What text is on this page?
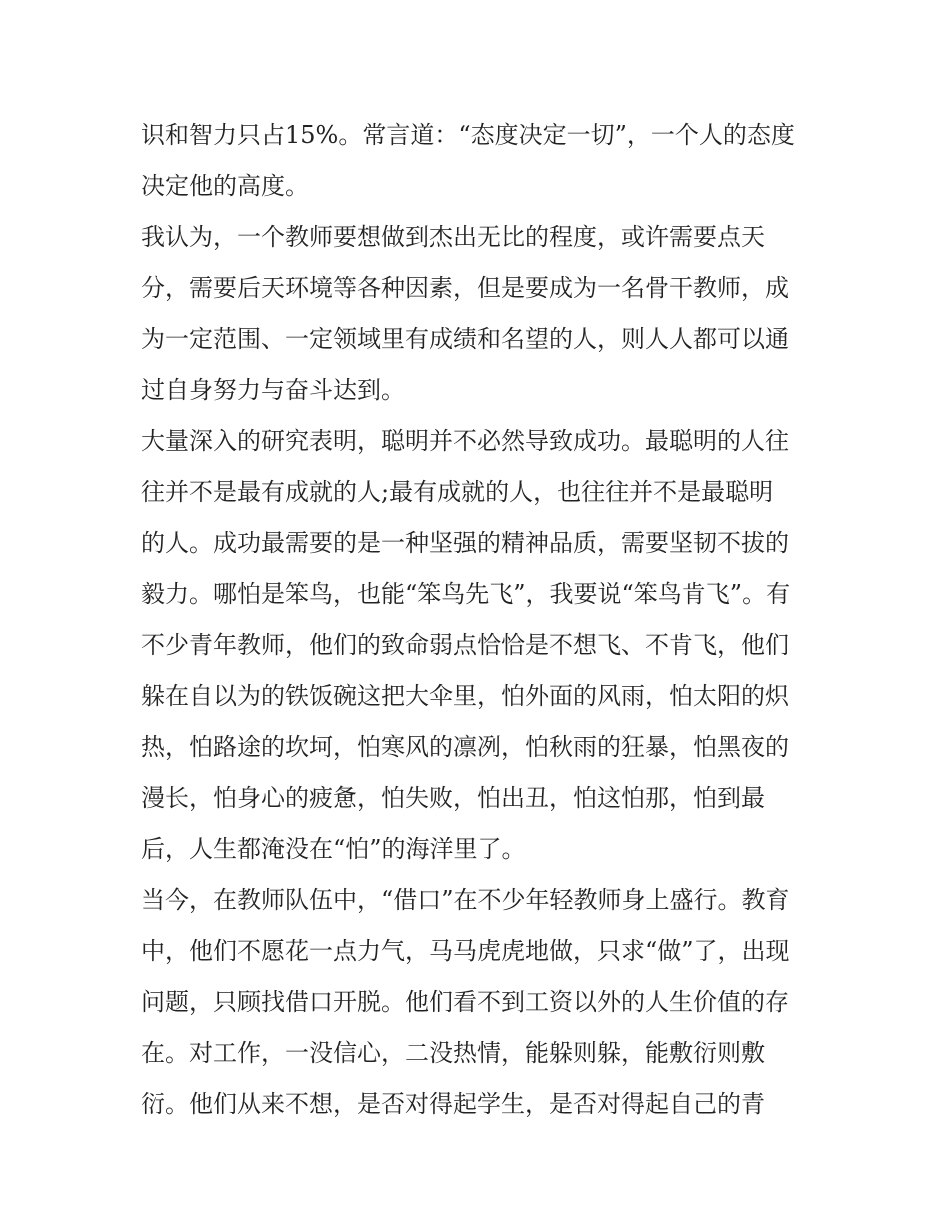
识和智力只占15%。常言道：“态度决定一切”，一个人的态度
决定他的高度。
我认为，一个教师要想做到杰出无比的程度，或许需要点天
分，需要后天环境等各种因素，但是要成为一名骨干教师，成
为一定范围、一定领域里有成绩和名望的人，则人人都可以通
过自身努力与奋斗达到。
大量深入的研究表明，聪明并不必然导致成功。最聪明的人往
往并不是最有成就的人;最有成就的人，也往往并不是最聪明
的人。成功最需要的是一种坚强的精神品质，需要坚韧不拔的
毅力。哪怕是笨鸟，也能“笨鸟先飞”，我要说“笨鸟肯飞”。有
不少青年教师，他们的致命弱点恰恰是不想飞、不肯飞，他们
躲在自以为的铁饭碗这把大伞里，怕外面的风雨，怕太阳的炽
热，怕路途的坎坷，怕寒风的凛冽，怕秋雨的狂暴，怕黑夜的
漫长，怕身心的疲惫，怕失败，怕出丑，怕这怕那，怕到最
后，人生都淹没在“怕”的海洋里了。
当今，在教师队伍中，“借口”在不少年轻教师身上盛行。教育
中，他们不愿花一点力气，马马虎虎地做，只求“做”了，出现
问题，只顾找借口开脱。他们看不到工资以外的人生价值的存
在。对工作，一没信心，二没热情，能躲则躲，能敷衍则敷
衍。他们从来不想，是否对得起学生，是否对得起自己的青
